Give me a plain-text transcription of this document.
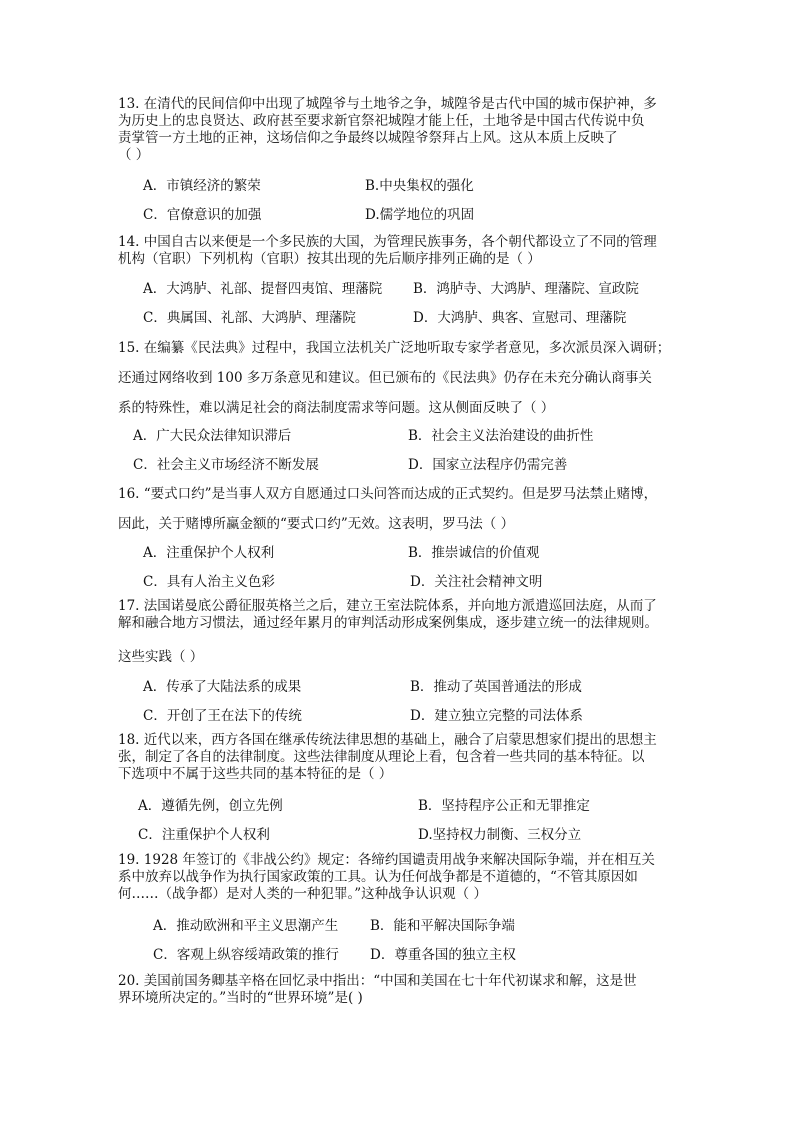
13. 在清代的民间信仰中出现了城隍爷与土地爷之争，城隍爷是古代中国的城市保护神，多
为历史上的忠良贤达、政府甚至要求新官祭祀城隍才能上任，土地爷是中国古代传说中负
责掌管一方土地的正神，这场信仰之争最终以城隍爷祭拜占上风。这从本质上反映了
（ ）
A．市镇经济的繁荣	B.中央集权的强化
C．官僚意识的加强	D.儒学地位的巩固
14. 中国自古以来便是一个多民族的大国，为管理民族事务，各个朝代都设立了不同的管理
机构（官职）下列机构（官职）按其出现的先后顺序排列正确的是（ ）
A．大鸿胪、礼部、提督四夷馆、理藩院 B．鸿胪寺、大鸿胪、理藩院、宣政院
C．典属国、礼部、大鸿胪、理藩院	D．大鸿胪、典客、宣慰司、理藩院
15. 在编纂《民法典》过程中，我国立法机关广泛地听取专家学者意见，多次派员深入调研；
还通过网络收到 100 多万条意见和建议。但已颁布的《民法典》仍存在未充分确认商事关
系的特殊性，难以满足社会的商法制度需求等问题。这从侧面反映了（ ）
A．广大民众法律知识滞后	B．社会主义法治建设的曲折性
C．社会主义市场经济不断发展	D．国家立法程序仍需完善
16. “要式口约”是当事人双方自愿通过口头问答而达成的正式契约。但是罗马法禁止赌博，
因此，关于赌博所赢金额的“要式口约”无效。这表明，罗马法（ ）
A．注重保护个人权利	B．推崇诚信的价值观
C．具有人治主义色彩	D．关注社会精神文明
17. 法国诺曼底公爵征服英格兰之后，建立王室法院体系，并向地方派遣巡回法庭，从而了
解和融合地方习惯法，通过经年累月的审判活动形成案例集成，逐步建立统一的法律规则。
这些实践（ ）
A．传承了大陆法系的成果	B．推动了英国普通法的形成
C．开创了王在法下的传统	D．建立独立完整的司法体系
18. 近代以来，西方各国在继承传统法律思想的基础上，融合了启蒙思想家们提出的思想主
张，制定了各自的法律制度。这些法律制度从理论上看，包含着一些共同的基本特征。以
下选项中不属于这些共同的基本特征的是（ ）
A．遵循先例，创立先例	B．坚持程序公正和无罪推定
C．注重保护个人权利	D.坚持权力制衡、三权分立
19. 1928 年签订的《非战公约》规定：各缔约国谴责用战争来解决国际争端，并在相互关
系中放弃以战争作为执行国家政策的工具。认为任何战争都是不道德的，“不管其原因如
何……（战争都）是对人类的一种犯罪。”这种战争认识观（ ）
A．推动欧洲和平主义思潮产生 B．能和平解决国际争端
C．客观上纵容绥靖政策的推行 D．尊重各国的独立主权
20. 美国前国务卿基辛格在回忆录中指出：“中国和美国在七十年代初谋求和解，这是世
界环境所决定的。”当时的“世界环境”是( )
